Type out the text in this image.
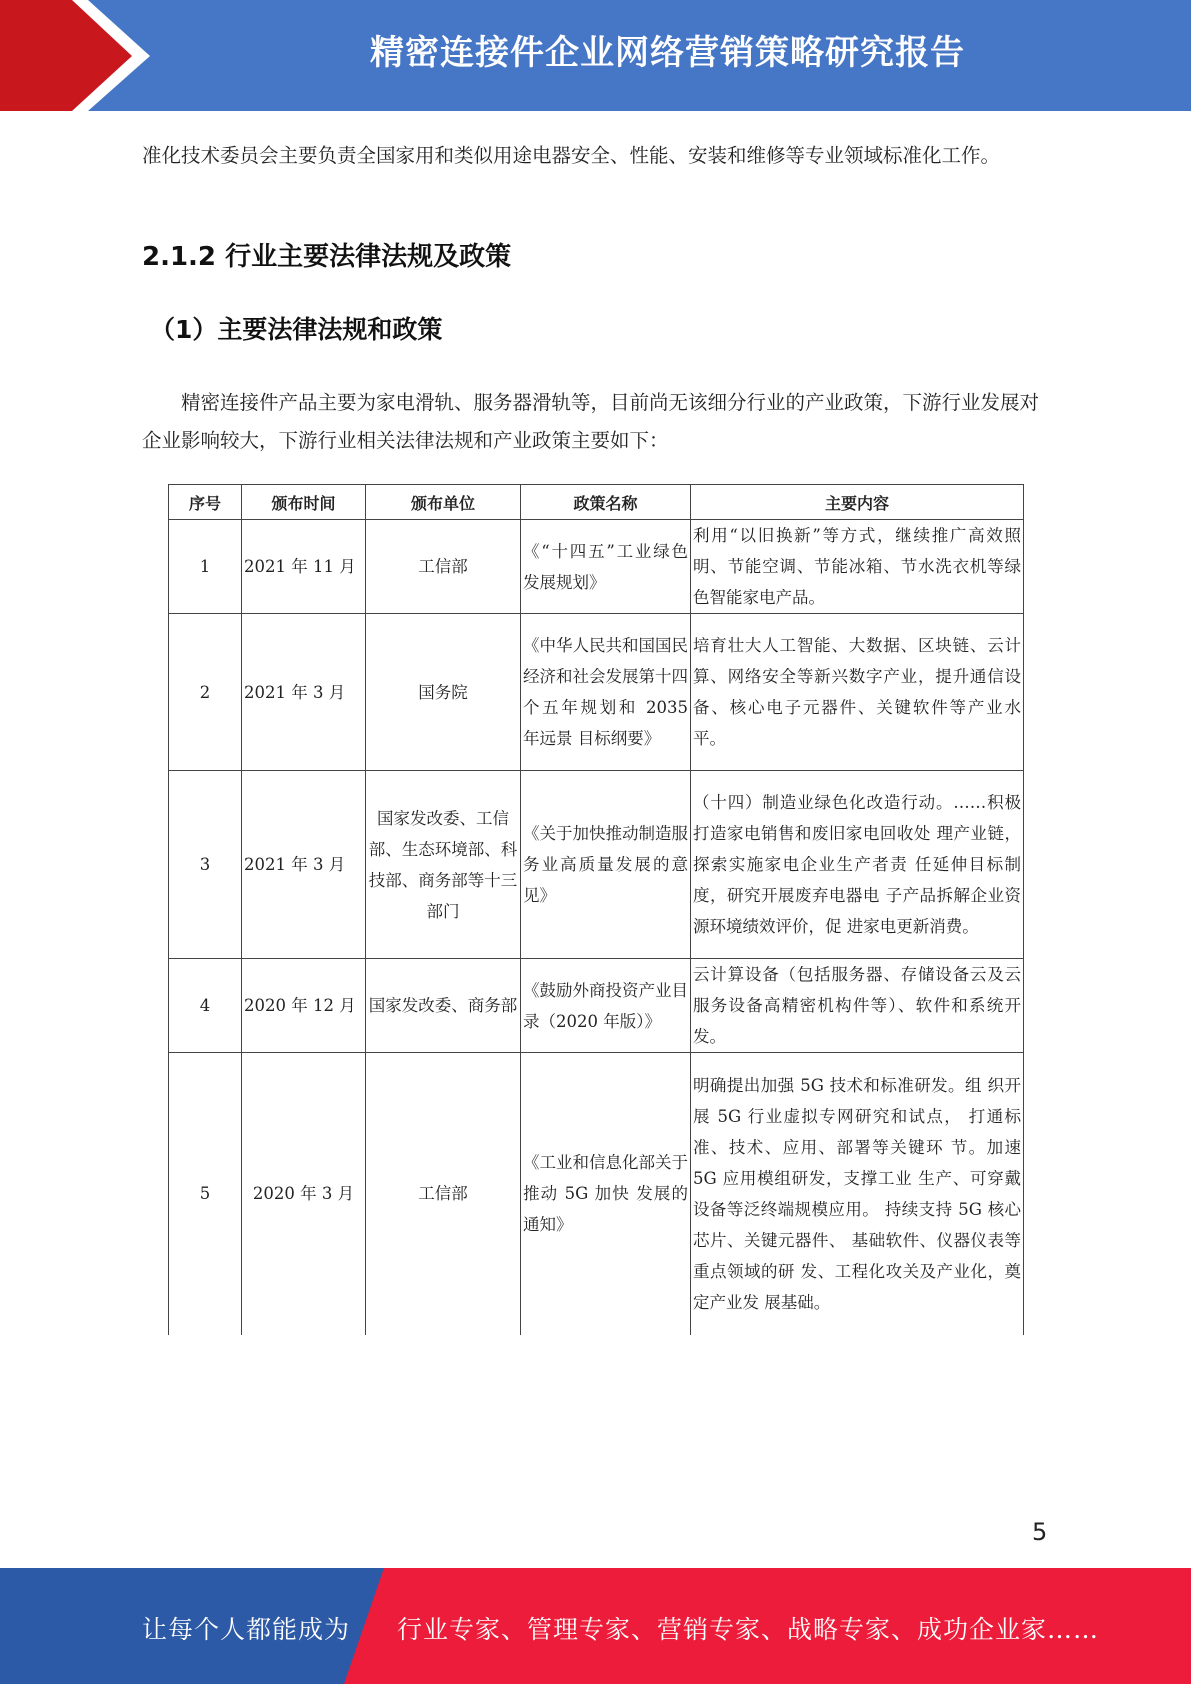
精密连接件企业网络营销策略研究报告

准化技术委员会主要负责全国家用和类似用途电器安全、性能、安装和维修等专业领域标准化工作。

2.1.2 行业主要法律法规及政策
（1）主要法律法规和政策

精密连接件产品主要为家电滑轨、服务器滑轨等，目前尚无该细分行业的产业政策，下游行业发展对企业影响较大，下游行业相关法律法规和产业政策主要如下：

序号	颁布时间	颁布单位	政策名称	主要内容
1	2021 年 11 月	工信部	《“十四五”工业绿色发展规划》	利用“以旧换新”等方式，继续推广高效照明、节能空调、节能冰箱、节水洗衣机等绿色智能家电产品。
2	2021 年 3 月	国务院	《中华人民共和国国民经济和社会发展第十四个五年规划和 2035 年远景 目标纲要》	培育壮大人工智能、大数据、区块链、云计算、网络安全等新兴数字产业，提升通信设备、核心电子元器件、关键软件等产业水平。
3	2021 年 3 月	国家发改委、工信部、生态环境部、科技部、商务部等十三部门	《关于加快推动制造服务业高质量发展的意见》	（十四）制造业绿色化改造行动。……积极打造家电销售和废旧家电回收处 理产业链，探索实施家电企业生产者责 任延伸目标制度，研究开展废弃电器电 子产品拆解企业资源环境绩效评价，促 进家电更新消费。
4	2020 年 12 月	国家发改委、商务部	《鼓励外商投资产业目录（2020 年版）》	云计算设备（包括服务器、存储设备云及云服务设备高精密机构件等）、软件和系统开发。
5	2020 年 3 月	工信部	《工业和信息化部关于推动 5G 加快 发展的通知》	明确提出加强 5G 技术和标准研发。组 织开展 5G 行业虚拟专网研究和试点， 打通标准、技术、应用、部署等关键环 节。加速 5G 应用模组研发，支撑工业 生产、可穿戴设备等泛终端规模应用。 持续支持 5G 核心芯片、关键元器件、 基础软件、仪器仪表等重点领域的研 发、工程化攻关及产业化，奠定产业发 展基础。
5
让每个人都能成为 行业专家、管理专家、营销专家、战略专家、成功企业家……
